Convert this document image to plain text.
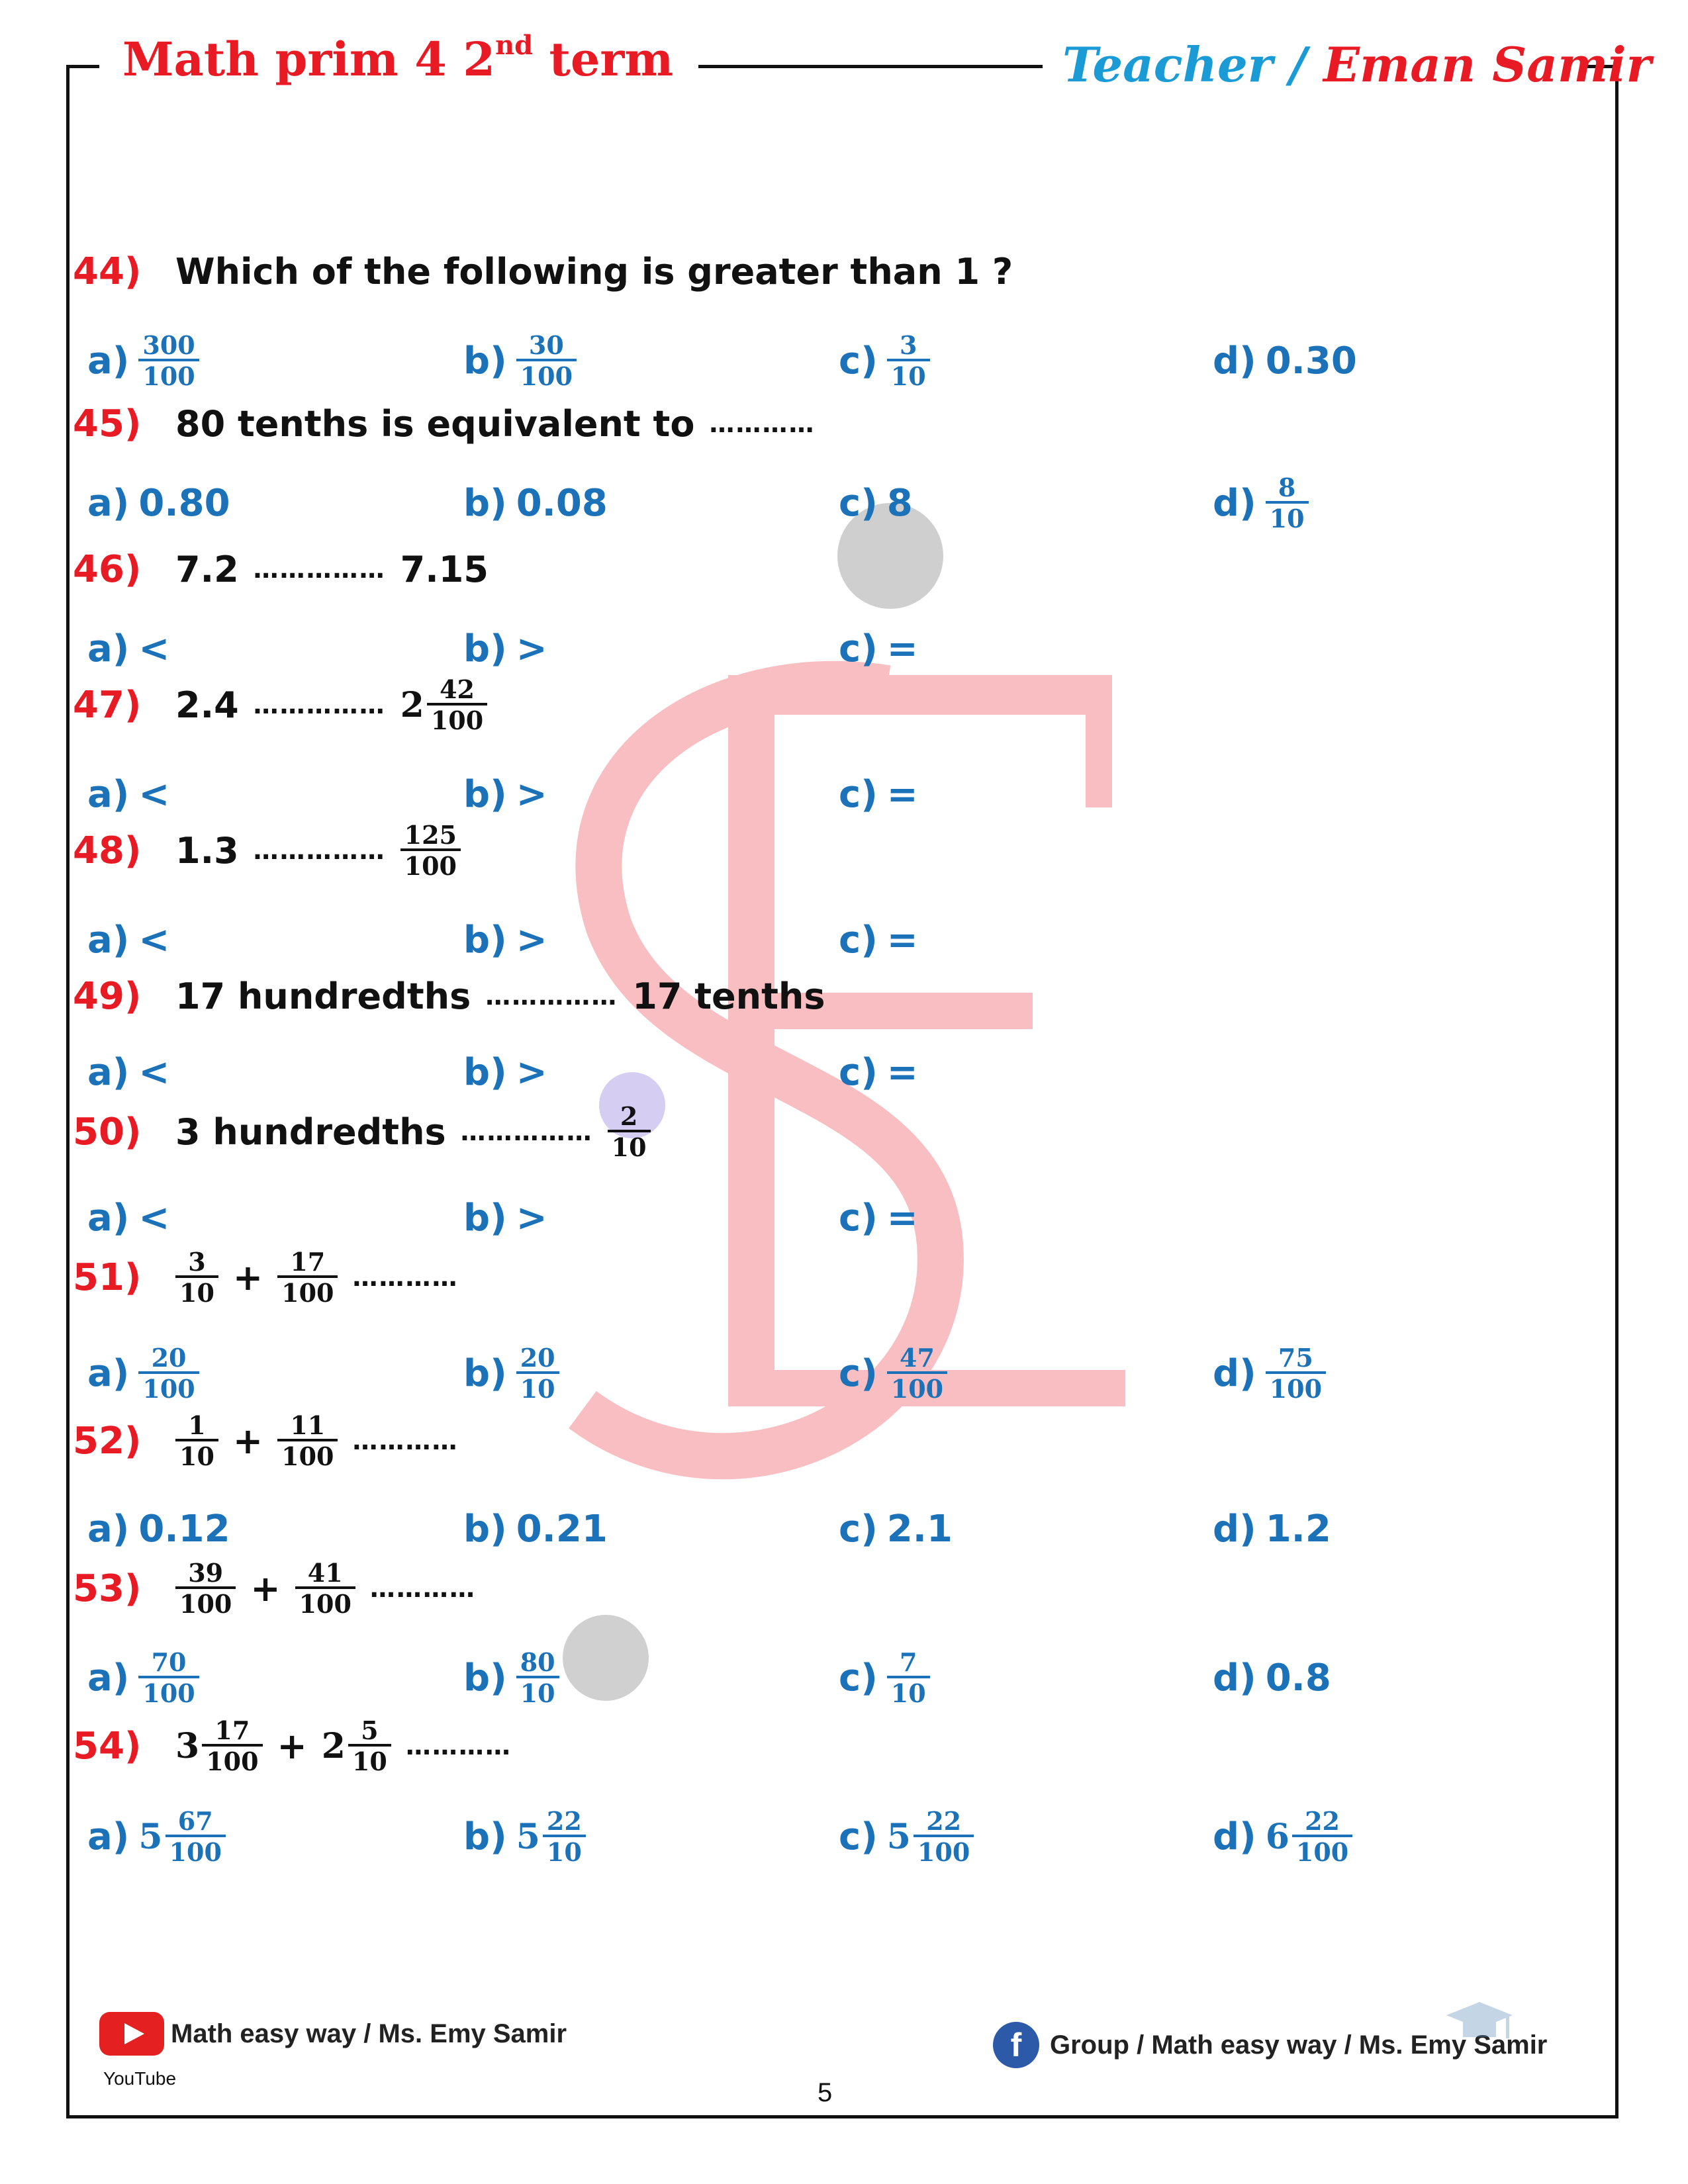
Math prim 4 2nd term	Teacher / Eman Samir
44) Which of the following is greater than 1 ?
$a) \frac{300}{100}$	$b) \frac{30}{100}$	$c) \frac{3}{10}$	d) 0.30
45) 80 tenths is equivalent to …………
a) 0.80	b) 0.08	c) 8	$d) \frac{8}{10}$
46) 7.2 …………… 7.15
a) <	b) >	c) =
47) 2.4 …………… $2 \frac{42}{100}$
a) <	b) >	c) =
48) 1.3 …………… $\frac{125}{100}$
a) <	b) >	c) =
49) 17 hundredths …………… 17 tenths
a) <	b) >	c) =
50) 3 hundredths …………… $\frac{2}{10}$
a) <	b) >	c) =
51)	$\frac{3}{10} + \frac{17}{100}$ …………
$a) \frac{20}{100}$	$b) \frac{20}{10}$	$c) \frac{47}{100}$	$d) \frac{75}{100}$
52)	$\frac{1}{10} + \frac{11}{100}$ …………
a) 0.12	b) 0.21	c) 2.1	d) 1.2
53)	$\frac{39}{100} + \frac{41}{100}$ …………
$a) \frac{70}{100}$	$b) \frac{80}{10}$	$c) \frac{7}{10}$	d) 0.8
54) $3 \frac{17}{100} + 2 \frac{5}{10}$ …………
a) $5 \frac{67}{100}$	b) $5 \frac{22}{10}$	c) $5 \frac{22}{100}$	d) $6 \frac{22}{100}$
Math easy way / Ms. Emy Samir
YouTube
f	Group / Math easy way / Ms. Emy Samir
5
